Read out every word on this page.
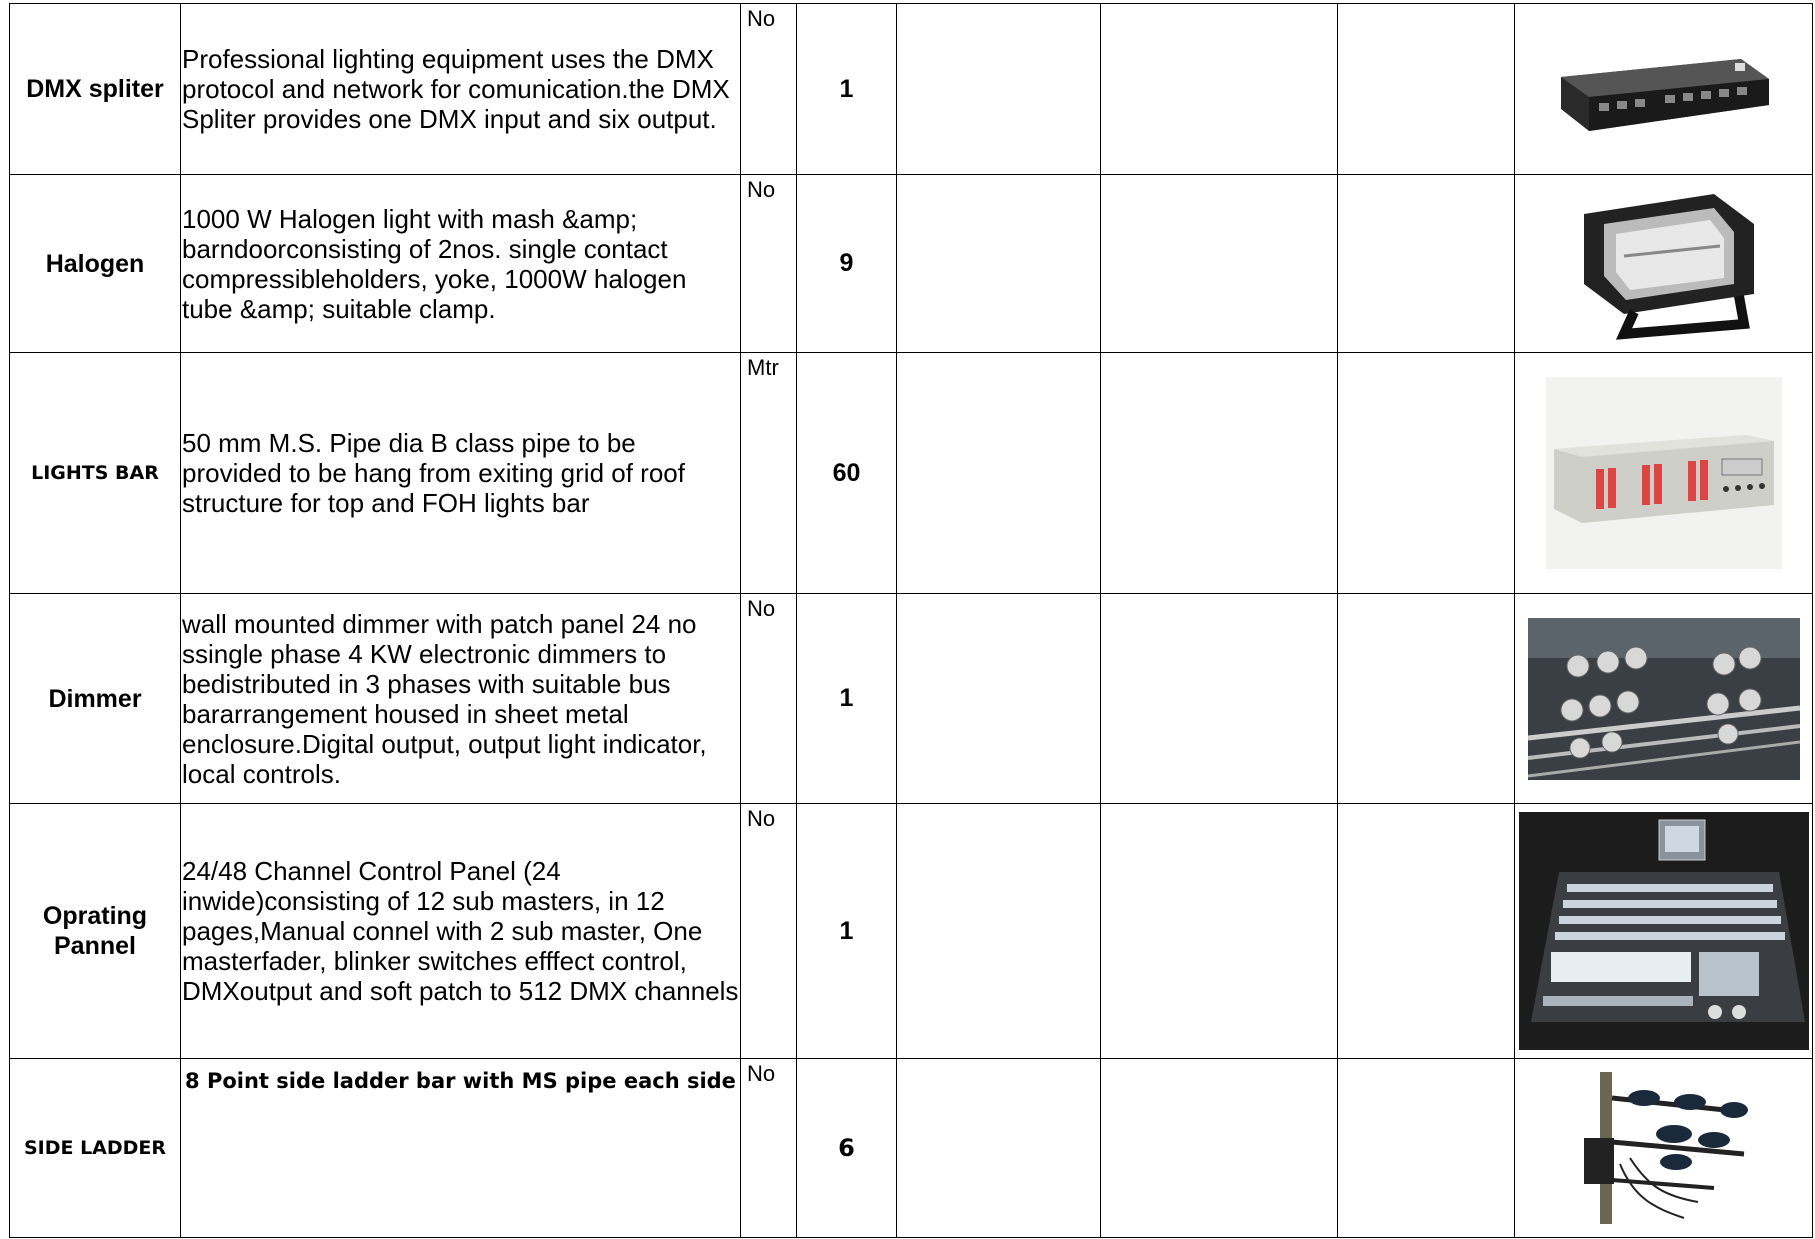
DMX spliter	Professional lighting equipment uses the DMX protocol and network for comunication.the DMX Spliter provides one DMX input and six output.	No	1				

Halogen	1000 W Halogen light with mash &amp; barndoorconsisting of 2nos. single contact compressibleholders, yoke, 1000W halogen tube &amp; suitable clamp.	No	9				

LIGHTS BAR	50 mm M.S. Pipe dia B class pipe to be provided to be hang from exiting grid of roof structure for top and FOH lights bar	Mtr	60				

Dimmer	wall mounted dimmer with patch panel 24 no ssingle phase 4 KW electronic dimmers to bedistributed in 3 phases with suitable bus bararrangement housed in sheet metal enclosure.Digital output, output light indicator, local controls.	No	1				

Oprating Pannel	24/48 Channel Control Panel (24 inwide)consisting of 12 sub masters, in 12 pages,Manual connel with 2 sub master, One masterfader, blinker switches efffect control, DMXoutput and soft patch to 512 DMX channels	No	1				

SIDE LADDER	8 Point side ladder bar with MS pipe each side	No	6				
